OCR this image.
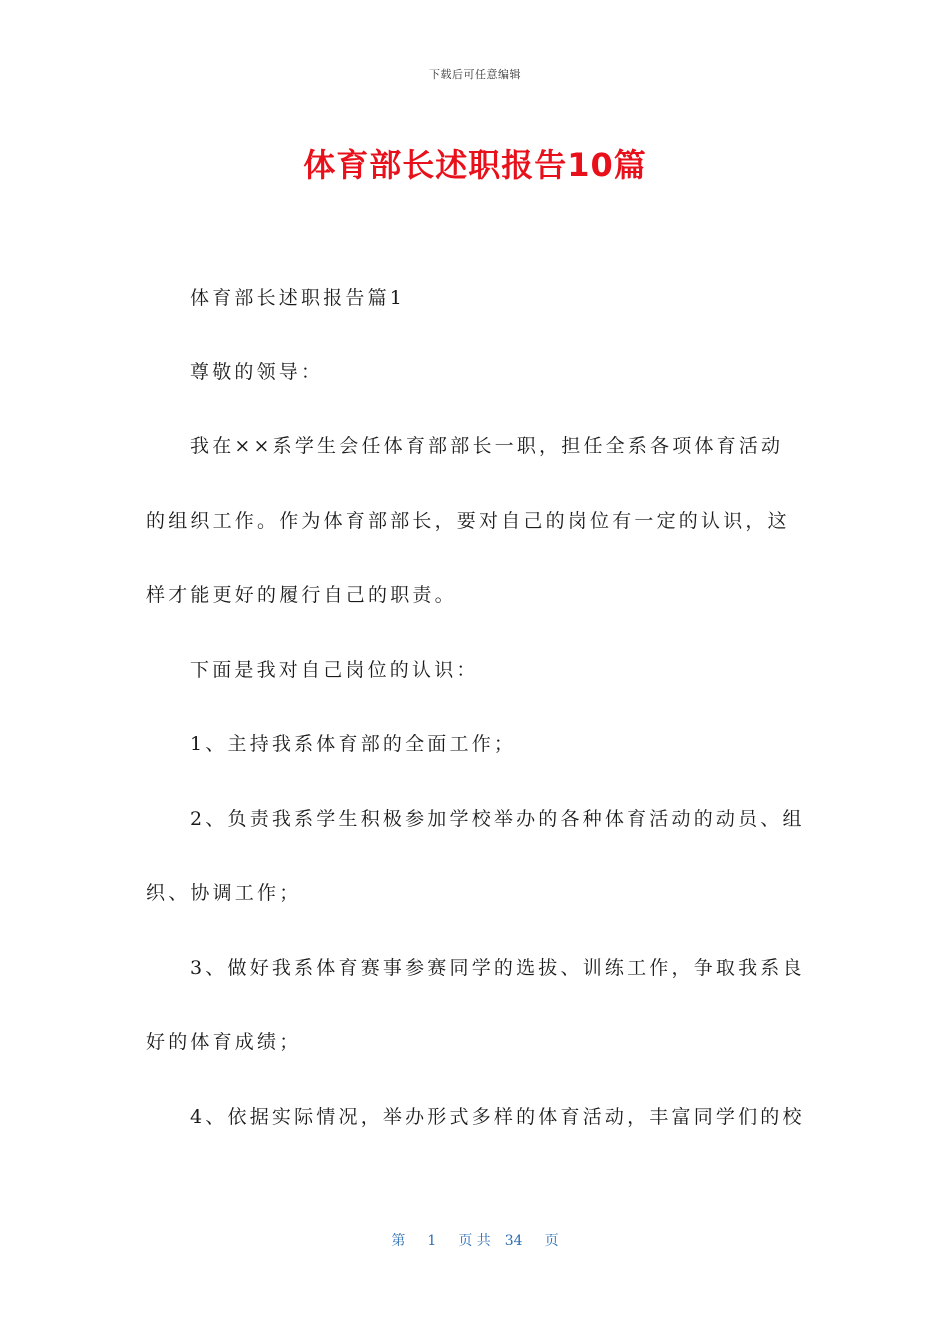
下载后可任意编辑
体育部长述职报告10篇
体育部长述职报告篇1
尊敬的领导：
我在××系学生会任体育部部长一职，担任全系各项体育活动
的组织工作。作为体育部部长，要对自己的岗位有一定的认识，这
样才能更好的履行自己的职责。
下面是我对自己岗位的认识：
1、主持我系体育部的全面工作；
2、负责我系学生积极参加学校举办的各种体育活动的动员、组
织、协调工作；
3、做好我系体育赛事参赛同学的选拔、训练工作，争取我系良
好的体育成绩；
4、依据实际情况，举办形式多样的体育活动，丰富同学们的校
第 1 页 共 34 页
